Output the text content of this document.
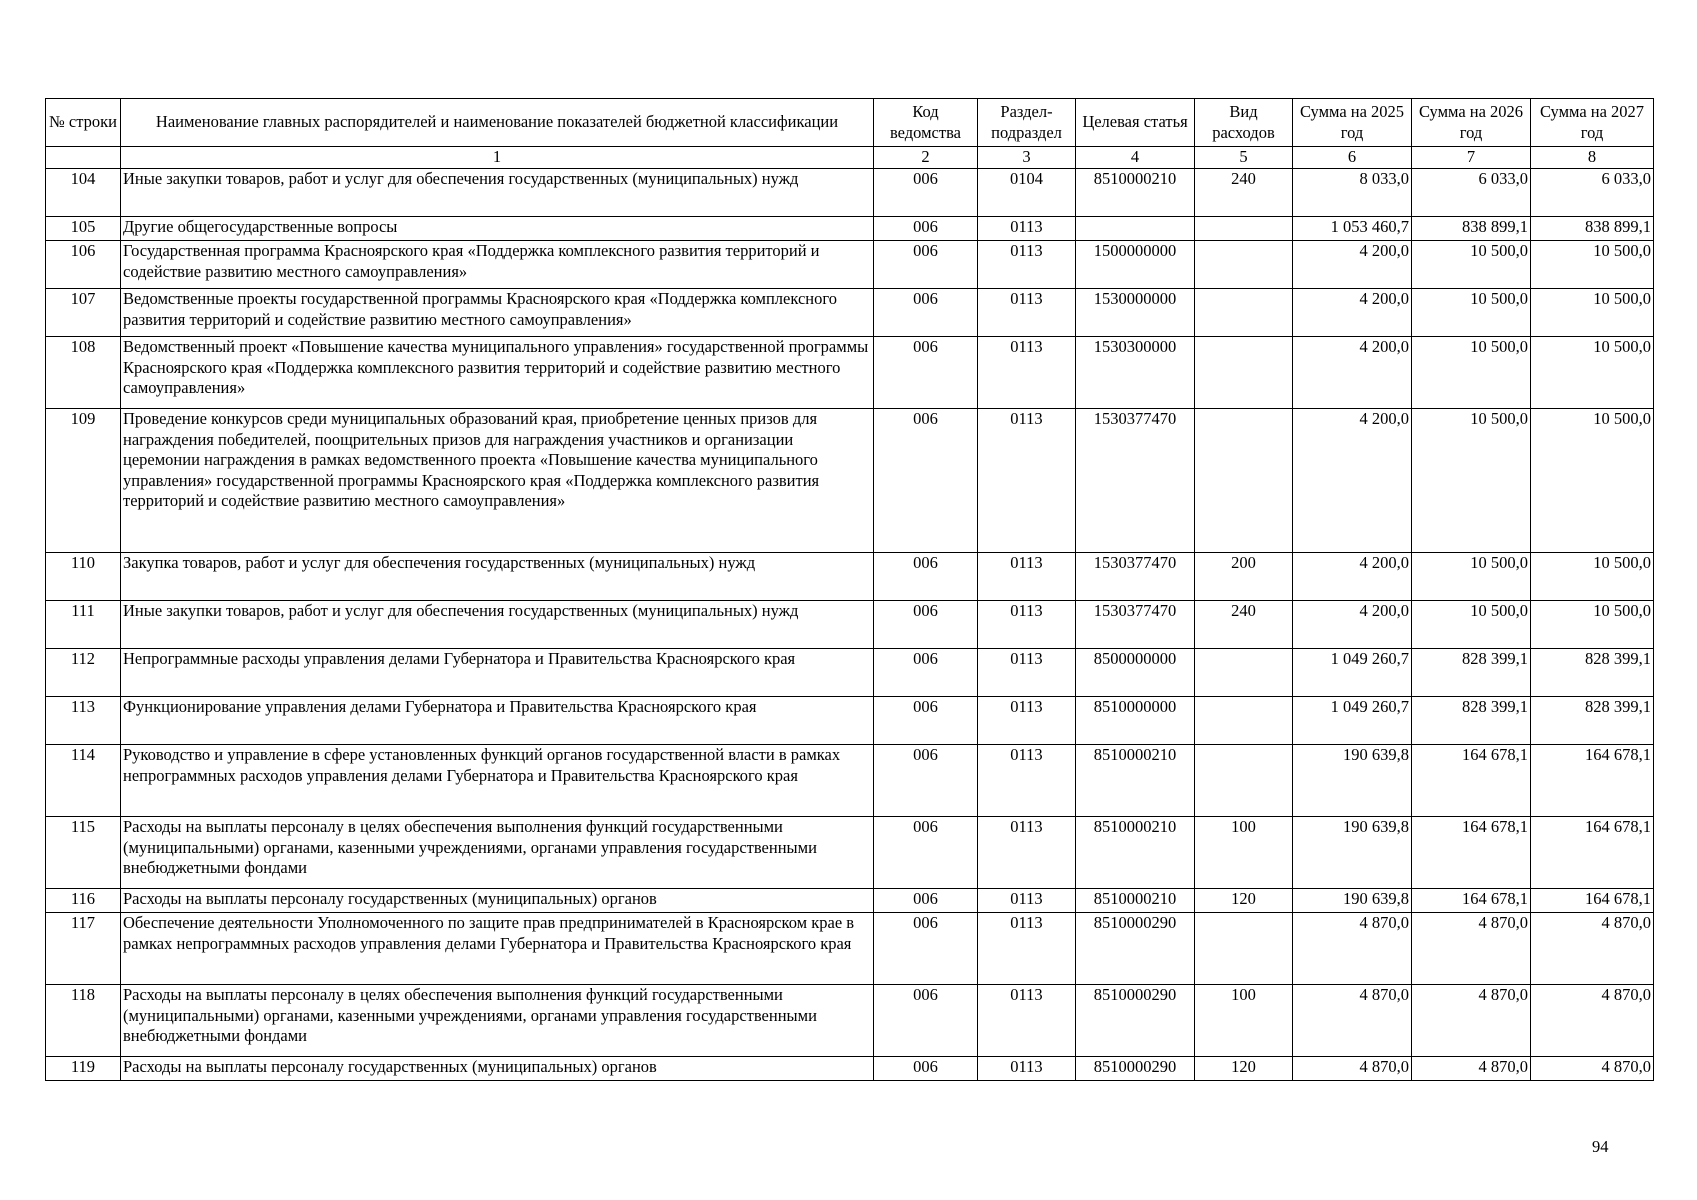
№ строки	Наименование главных распорядителей и наименование показателей бюджетной классификации	Код ведомства	Раздел-подраздел	Целевая статья	Вид расходов	Сумма на 2025 год	Сумма на 2026 год	Сумма на 2027 год
	1	2	3	4	5	6	7	8
104	Иные закупки товаров, работ и услуг для обеспечения государственных (муниципальных) нужд	006	0104	8510000210	240	8 033,0	6 033,0	6 033,0
105	Другие общегосударственные вопросы	006	0113			1 053 460,7	838 899,1	838 899,1
106	Государственная программа Красноярского края «Поддержка комплексного развития территорий и содействие развитию местного самоуправления»	006	0113	1500000000		4 200,0	10 500,0	10 500,0
107	Ведомственные проекты государственной программы Красноярского края «Поддержка комплексного развития территорий и содействие развитию местного самоуправления»	006	0113	1530000000		4 200,0	10 500,0	10 500,0
108	Ведомственный проект «Повышение качества муниципального управления» государственной программы Красноярского края «Поддержка комплексного развития территорий и содействие развитию местного самоуправления»	006	0113	1530300000		4 200,0	10 500,0	10 500,0
109	Проведение конкурсов среди муниципальных образований края, приобретение ценных призов для награждения победителей, поощрительных призов для награждения участников и организации церемонии награждения в рамках ведомственного проекта «Повышение качества муниципального управления» государственной программы Красноярского края «Поддержка комплексного развития территорий и содействие развитию местного самоуправления»	006	0113	1530377470		4 200,0	10 500,0	10 500,0
110	Закупка товаров, работ и услуг для обеспечения государственных (муниципальных) нужд	006	0113	1530377470	200	4 200,0	10 500,0	10 500,0
111	Иные закупки товаров, работ и услуг для обеспечения государственных (муниципальных) нужд	006	0113	1530377470	240	4 200,0	10 500,0	10 500,0
112	Непрограммные расходы управления делами Губернатора и Правительства Красноярского края	006	0113	8500000000		1 049 260,7	828 399,1	828 399,1
113	Функционирование управления делами Губернатора и Правительства Красноярского края	006	0113	8510000000		1 049 260,7	828 399,1	828 399,1
114	Руководство и управление в сфере установленных функций органов государственной власти в рамках непрограммных расходов управления делами Губернатора и Правительства Красноярского края	006	0113	8510000210		190 639,8	164 678,1	164 678,1
115	Расходы на выплаты персоналу в целях обеспечения выполнения функций государственными (муниципальными) органами, казенными учреждениями, органами управления государственными внебюджетными фондами	006	0113	8510000210	100	190 639,8	164 678,1	164 678,1
116	Расходы на выплаты персоналу государственных (муниципальных) органов	006	0113	8510000210	120	190 639,8	164 678,1	164 678,1
117	Обеспечение деятельности Уполномоченного по защите прав предпринимателей в Красноярском крае в рамках непрограммных расходов управления делами Губернатора и Правительства Красноярского края	006	0113	8510000290		4 870,0	4 870,0	4 870,0
118	Расходы на выплаты персоналу в целях обеспечения выполнения функций государственными (муниципальными) органами, казенными учреждениями, органами управления государственными внебюджетными фондами	006	0113	8510000290	100	4 870,0	4 870,0	4 870,0
119	Расходы на выплаты персоналу государственных (муниципальных) органов	006	0113	8510000290	120	4 870,0	4 870,0	4 870,0
94
